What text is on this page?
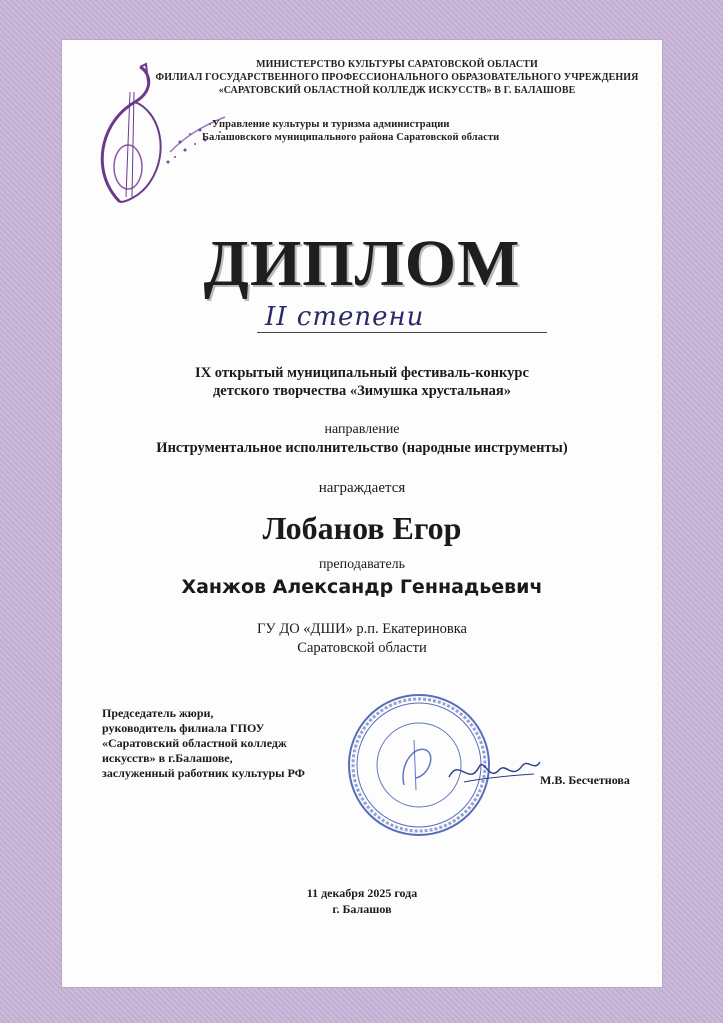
МИНИСТЕРСТВО КУЛЬТУРЫ САРАТОВСКОЙ ОБЛАСТИ
ФИЛИАЛ ГОСУДАРСТВЕННОГО ПРОФЕССИОНАЛЬНОГО ОБРАЗОВАТЕЛЬНОГО УЧРЕЖДЕНИЯ
«САРАТОВСКИЙ ОБЛАСТНОЙ КОЛЛЕДЖ ИСКУССТВ» В Г. БАЛАШОВЕ
Управление культуры и туризма администрации
Балашовского муниципального района Саратовской области
ДИПЛОМ
II степени
IX открытый муниципальный фестиваль-конкурс
детского творчества «Зимушка хрустальная»
направление
Инструментальное исполнительство (народные инструменты)
награждается
Лобанов Егор
преподаватель
Ханжов Александр Геннадьевич
ГУ ДО «ДШИ» р.п. Екатериновка
Саратовской области
Председатель жюри,
руководитель филиала ГПОУ
«Саратовский областной колледж
искусств» в г.Балашове,
заслуженный работник культуры РФ	М.В. Бесчетнова
11 декабря 2025 года
г. Балашов
